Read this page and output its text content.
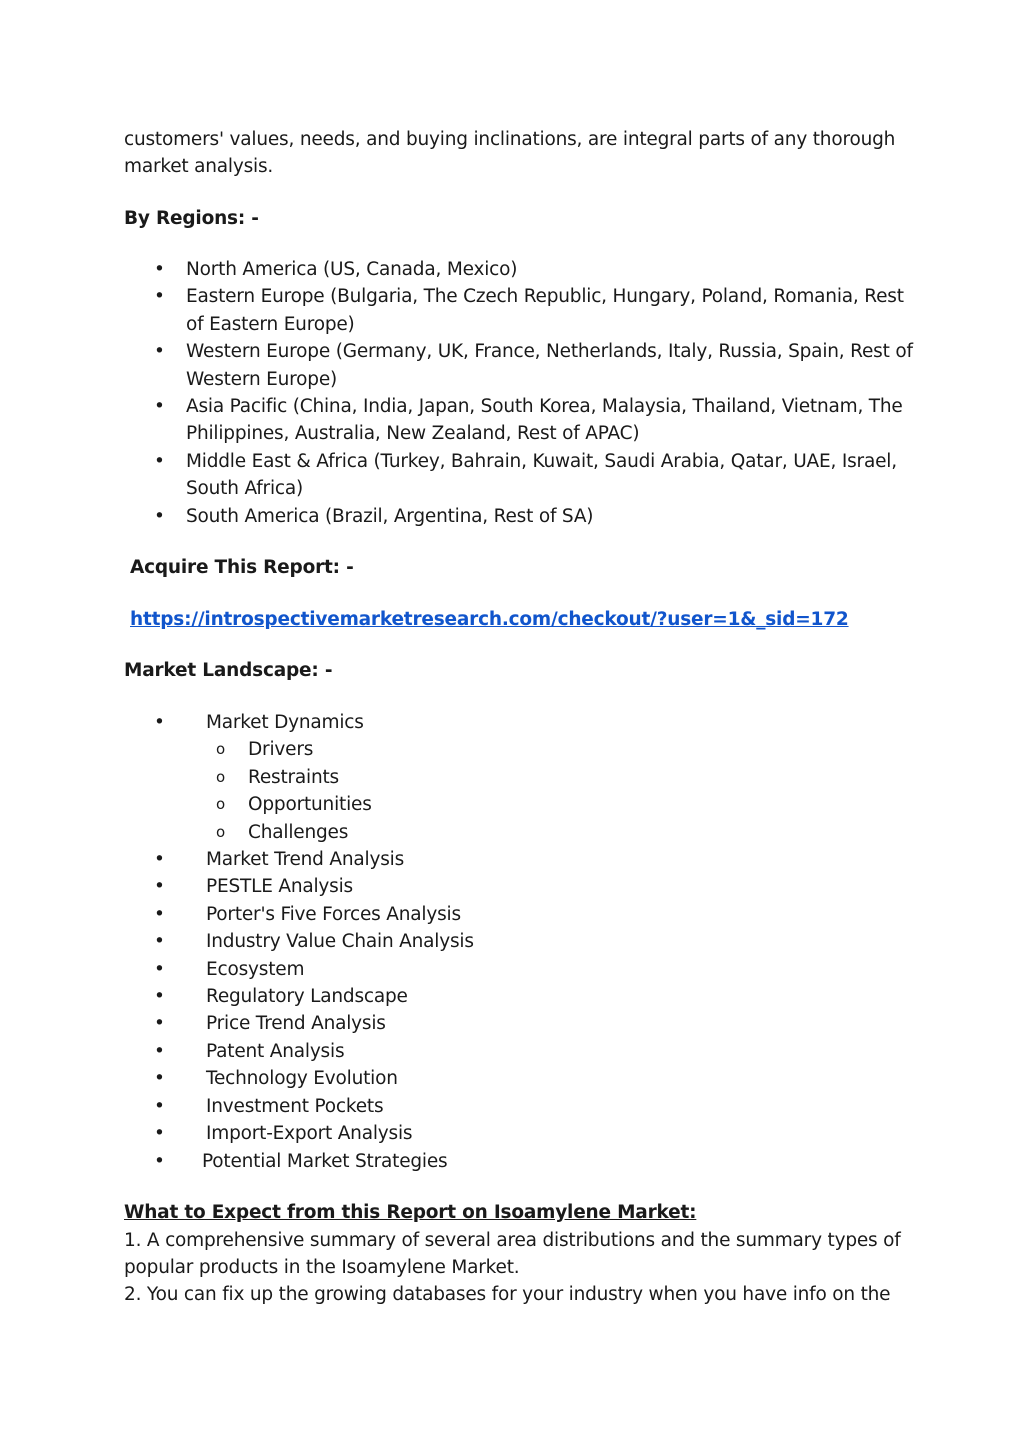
customers' values, needs, and buying inclinations, are integral parts of any thorough market analysis.

By Regions: -

• North America (US, Canada, Mexico)
• Eastern Europe (Bulgaria, The Czech Republic, Hungary, Poland, Romania, Rest of Eastern Europe)
• Western Europe (Germany, UK, France, Netherlands, Italy, Russia, Spain, Rest of Western Europe)
• Asia Pacific (China, India, Japan, South Korea, Malaysia, Thailand, Vietnam, The Philippines, Australia, New Zealand, Rest of APAC)
• Middle East & Africa (Turkey, Bahrain, Kuwait, Saudi Arabia, Qatar, UAE, Israel, South Africa)
• South America (Brazil, Argentina, Rest of SA)

Acquire This Report: -

https://introspectivemarketresearch.com/checkout/?user=1&_sid=172

Market Landscape: -

• Market Dynamics
o Drivers
o Restraints
o Opportunities
o Challenges
• Market Trend Analysis
• PESTLE Analysis
• Porter's Five Forces Analysis
• Industry Value Chain Analysis
• Ecosystem
• Regulatory Landscape
• Price Trend Analysis
• Patent Analysis
• Technology Evolution
• Investment Pockets
• Import-Export Analysis
• Potential Market Strategies

What to Expect from this Report on Isoamylene Market:

1. A comprehensive summary of several area distributions and the summary types of popular products in the Isoamylene Market.

2. You can fix up the growing databases for your industry when you have info on the
